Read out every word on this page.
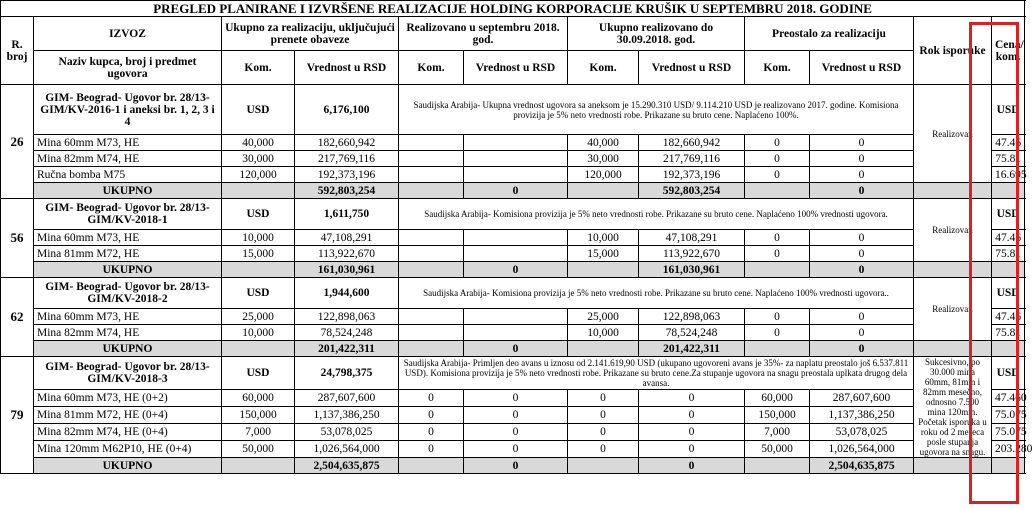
PREGLED PLANIRANE I IZVRŠENE REALIZACIJE HOLDING KORPORACIJE KRUŠIK U SEPTEMBRU 2018. GODINE											
R. broj	IZVOZ	Ukupno za realizaciju, uključujući prenete obaveze		Realizovano u septembru 2018. god.		Ukupno realizovano do 30.09.2018. god.		Preostalo za realizaciju		Rok isporuke	Cena/ kom.
	Naziv kupca, broj i predmet ugovora	Kom.	Vrednost u RSD	Kom.	Vrednost u RSD	Kom.	Vrednost u RSD	Kom.	Vrednost u RSD		
26	GIM- Beograd- Ugovor br. 28/13-GIM/KV-2016-1 i aneksi br. 1, 2, 3 i 4	USD	6,176,100	Saudijska Arabija- Ukupna vrednost ugovora sa aneksom je 15.290.310 USD/ 9.114.210 USD je realizovano 2017. godine. Komisiona provizija je 5% neto vrednosti robe. Prikazane su bruto cene. Naplaćeno 100%.						Realizovan	USD
	Mina 60mm M73, HE	40,000	182,660,942			40,000	182,660,942	0	0		47.46
	Mina 82mm M74, HE	30,000	217,769,116			30,000	217,769,116	0	0		75.81
	Ručna bomba M75	120,000	192,373,196			120,000	192,373,196	0	0		16.695
	UKUPNO		592,803,254		0		592,803,254		0		
56	GIM- Beograd- Ugovor br. 28/13-GIM/KV-2018-1	USD	1,611,750	Saudijska Arabija- Komisiona provizija je 5% neto vrednosti robe. Prikazane su bruto cene. Naplaćeno 100% vrednosti ugovora.						Realizovan	USD
	Mina 60mm M73, HE	10,000	47,108,291			10,000	47,108,291	0	0		47.46
	Mina 81mm M72, HE	15,000	113,922,670			15,000	113,922,670	0	0		75.81
	UKUPNO		161,030,961		0		161,030,961		0		
62	GIM- Beograd- Ugovor br. 28/13-GIM/KV-2018-2	USD	1,944,600	Saudijska Arabija- Komisiona provizija je 5% neto vrednosti robe. Prikazane su bruto cene. Naplaćeno 100% vrednosti ugovora..						Realizovan	USD
	Mina 60mm M73, HE	25,000	122,898,063			25,000	122,898,063	0	0		47.46
	Mina 82mm M74, HE	10,000	78,524,248			10,000	78,524,248	0	0		75.81
	UKUPNO		201,422,311		0		201,422,311		0		
79	GIM- Beograd- Ugovor br. 28/13-GIM/KV-2018-3	USD	24,798,375	Saudijska Arabija- Primljen deo avans u iznosu od 2.141.619,90 USD (ukupano ugovoreni avans je 35%- za naplatu preostalo još 6.537.811 USD). Komisiona provizija je 5% neto vrednosti robe. Prikazane su bruto cene.Za stupanje ugovora na snagu preostala uplkata drugog dela avansa.						Sukcesivno, po 30.000 mina 60mm, 81mm i 82mm mesečno, odnosno 7.500 mina 120mm. Početak isporuka u roku od 2 meseca posle stupanja ugovora na snagu.	USD
	Mina 60mm M73, HE (0+2)	60,000	287,607,600	0	0	0	0	60,000	287,607,600		47.460
	Mina 81mm M72, HE (0+4)	150,000	1,137,386,250	0	0	0	0	150,000	1,137,386,250		75.075
	Mina 82mm M74, HE (0+4)	7,000	53,078,025	0	0	0	0	7,000	53,078,025		75.075
	Mina 120mm M62P10, HE (0+4)	50,000	1,026,564,000	0	0	0	0	50,000	1,026,564,000		203.280
	UKUPNO		2,504,635,875		0		0		2,504,635,875		
